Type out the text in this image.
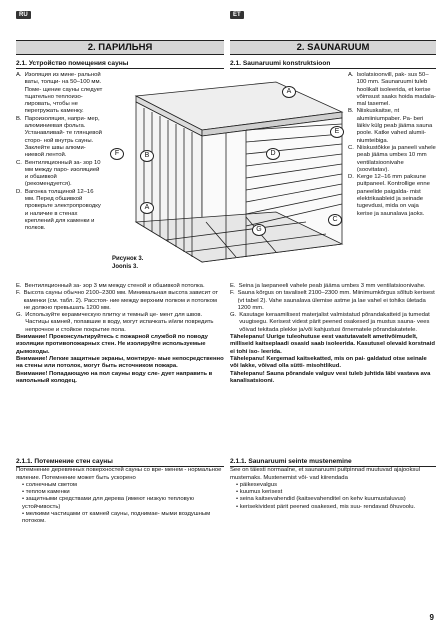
RU	ET
2. ПАРИЛЬНЯ	2. SAUNARUUM
2.1. Устройство помещения сауны
A. Изоляция из мине- ральной ваты, толщи- на 50–100 мм. Поме- щение сауны следует тщательно теплоизо- лировать, чтобы не перегружать каменку.
B. Пароизоляция, напри- мер, алюминиевая фольга. Устанавливай- те глянцевой сторо- ной внутрь сауны. Заклейте швы алюми- ниевой лентой.
C. Вентиляционный за- зор 10 мм между паро- изоляцией и обшивкой (рекомендуется).
D. Вагонка толщиной 12–16 мм. Перед обшивкой проверьте электропроводку и наличие в стенах креплений для каменки и полков.
E. Вентиляционный за- зор 3 мм между стеной и обшивкой потолка.
F. Высота сауны обычно 2100–2300 мм. Минимальная высота зависит от каменки (см. табл. 2). Расстоя- ние между верхним полком и потолком не должно превышать 1200 мм.
G. Используйте керамическую плитку и темный це- мент для швов. Частицы камней, попавшие в воду, могут испачкать и/или повредить непрочное и стойкое покрытие пола.
Внимание! Проконсультируйтесь с пожарной службой по поводу изоляции противопожарных стен. Не изолируйте используемые дымоходы.
Внимание! Легкие защитные экраны, монтируе- мые непосредственно на стены или потолок, могут быть источником пожара.
Внимание! Попадающую на пол сауны воду сле- дует направить в напольный колодец.
2.1. Saunaruumi konstruktsioon
A. Isolatsioonvill, pak- sus 50–100 mm. Saunaruumi tuleb hoolikalt isoleerida, et kerise võimsust saaks hoida madala- mal tasemel.
B. Niiskuskaitse, nt alumiiniumpaber. Pa- beri läikiv külg peab jääma sauna poole. Katke vahed alumii- niumteibiga.
C. Niiskustõkke ja paneeli vahele peab jääma umbes 10 mm ventilatsioonivahe (soovitatav).
D. Kerge 12–16 mm paksune puitpaneel. Kontrollige enne paneelide paigalda- mist elektrikaableid ja seinade tugevdusi, mida on vaja kerise ja saunalava jaoks.
E. Seina ja laepaneeli vahele peab jääma umbes 3 mm ventilatsioonivahe.
F. Sauna kõrgus on tavaliselt 2100–2300 mm. Miinimumkõrgus sõltub kerisest (vt tabel 2). Vahe saunalava ülemise astme ja lae vahel ei tohiks ületada 1200 mm.
G. Kasutage keraamilisest materjalist valmistatud põrandakatteid ja tumedat vuugisegu. Kerisest videst pärit peened osakesed ja mustus sauna- vees võivad tekitada plekke ja/või kahjustusi õrnematele põrandakatetele.
Tähelepanu! Uurige tuleohutuse eest vastutavatelt ametivõimudelt, milliseid kaitseplaadi osasid saab isoleerida. Kasutusel olevaid korstnaid ei tohi iso- leerida.
Tähelepanu! Kergemad kaitsekatted, mis on pai- galdatud otse seinale või lakke, võivad olla sütti- misohtlikud.
Tähelepanu! Sauna põrandale valguv vesi tuleb juhtida läbi vastava ava kanalisatsiooni.
A
B
C
D
E
F
G
A
Рисунок 3.
Joonis 3.
2.1.1. Потемнение стен сауны
Потемнение деревянных поверхностей сауны со вре- менем - нормальное явление. Потемнение может быть ускорено
• солнечным светом
• теплом каменки
• защитными средствами для дерева (имеют низкую тепловую устойчивость)
• мелкими частицами от камней сауны, поднимае- мыми воздушным потоком.
2.1.1. Saunaruumi seinte mustenemine
See on täiesti normaalne, et saunaruumi puitpinnad muutuvad ajajooksul mustemaks. Mustenemist või- vad kiirendada
• päikesevalgus
• kuumus kerisest
• seina kaitsevahendid (kaitsevahenditel on kehv kuumustaluvus)
• kerisekividest pärit peened osakesed, mis suu- rendavad õhuvoolu.
9
